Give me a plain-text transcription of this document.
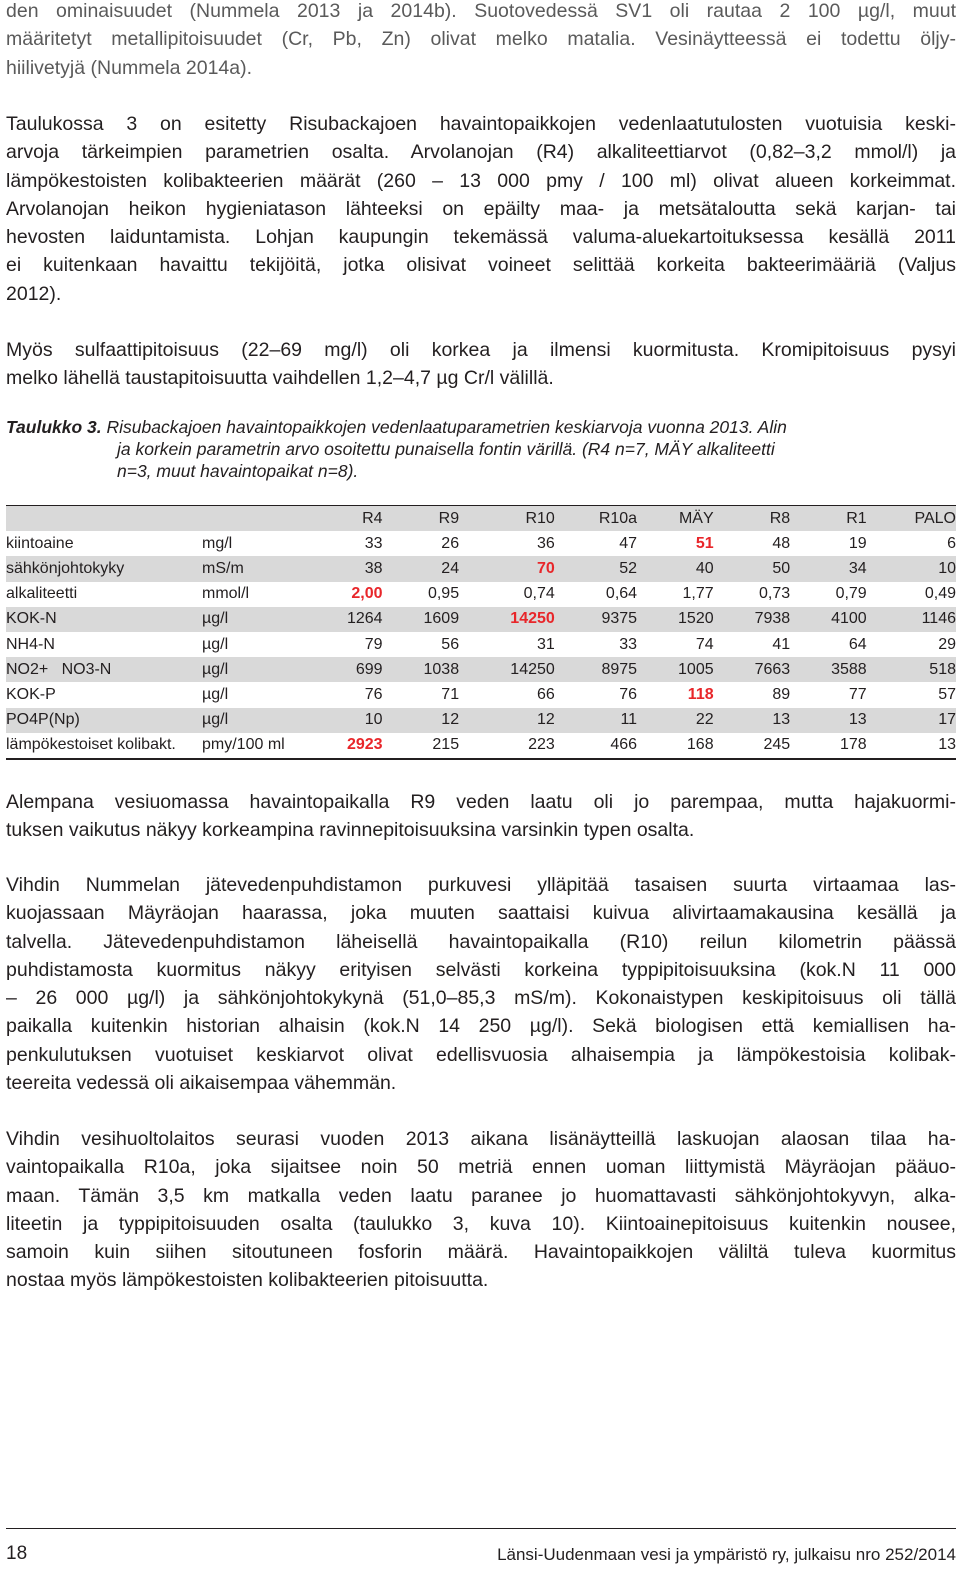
den ominaisuudet (Nummela 2013 ja 2014b). Suotovedessä SV1 oli rautaa 2 100 µg/l, muut
määritetyt metallipitoisuudet (Cr, Pb, Zn) olivat melko matalia. Vesinäytteessä ei todettu öljy-
hiilivetyjä (Nummela 2014a).
Taulukossa 3 on esitetty Risubackajoen havaintopaikkojen vedenlaatutulosten vuotuisia keski-
arvoja tärkeimpien parametrien osalta. Arvolanojan (R4) alkaliteettiarvot (0,82–3,2 mmol/l) ja
lämpökestoisten kolibakteerien määrät (260 – 13 000 pmy / 100 ml) olivat alueen korkeimmat.
Arvolanojan heikon hygieniatason lähteeksi on epäilty maa- ja metsätaloutta sekä karjan- tai
hevosten laiduntamista. Lohjan kaupungin tekemässä valuma-aluekartoituksessa kesällä 2011
ei kuitenkaan havaittu tekijöitä, jotka olisivat voineet selittää korkeita bakteerimääriä (Valjus
2012).
Myös sulfaattipitoisuus (22–69 mg/l) oli korkea ja ilmensi kuormitusta. Kromipitoisuus pysyi
melko lähellä taustapitoisuutta vaihdellen 1,2–4,7 µg Cr/l välillä.
Taulukko 3. Risubackajoen havaintopaikkojen vedenlaatuparametrien keskiarvoja vuonna 2013. Alin
ja korkein parametrin arvo osoitettu punaisella fontin värillä. (R4 n=7, MÄY alkaliteetti
n=3, muut havaintopaikat n=8).
		R4	R9	R10	R10a	MÄY	R8	R1	PALO
kiintoaine	mg/l	33	26	36	47	51	48	19	6
sähkönjohtokyky	mS/m	38	24	70	52	40	50	34	10
alkaliteetti	mmol/l	2,00	0,95	0,74	0,64	1,77	0,73	0,79	0,49
KOK-N	µg/l	1264	1609	14250	9375	1520	7938	4100	1146
NH4-N	µg/l	79	56	31	33	74	41	64	29
NO2+   NO3-N	µg/l	699	1038	14250	8975	1005	7663	3588	518
KOK-P	µg/l	76	71	66	76	118	89	77	57
PO4P(Np)	µg/l	10	12	12	11	22	13	13	17
lämpökestoiset kolibakt.	pmy/100 ml	2923	215	223	466	168	245	178	13
Alempana vesiuomassa havaintopaikalla R9 veden laatu oli jo parempaa, mutta hajakuormi-
tuksen vaikutus näkyy korkeampina ravinnepitoisuuksina varsinkin typen osalta.
Vihdin Nummelan jätevedenpuhdistamon purkuvesi ylläpitää tasaisen suurta virtaamaa las-
kuojassaan Mäyräojan haarassa, joka muuten saattaisi kuivua alivirtaamakausina kesällä ja
talvella. Jätevedenpuhdistamon läheisellä havaintopaikalla (R10) reilun kilometrin päässä
puhdistamosta kuormitus näkyy erityisen selvästi korkeina typpipitoisuuksina (kok.N 11 000
– 26 000 µg/l) ja sähkönjohtokykynä (51,0–85,3 mS/m). Kokonaistypen keskipitoisuus oli tällä
paikalla kuitenkin historian alhaisin (kok.N 14 250 µg/l). Sekä biologisen että kemiallisen ha-
penkulutuksen vuotuiset keskiarvot olivat edellisvuosia alhaisempia ja lämpökestoisia kolibak-
teereita vedessä oli aikaisempaa vähemmän.
Vihdin vesihuoltolaitos seurasi vuoden 2013 aikana lisänäytteillä laskuojan alaosan tilaa ha-
vaintopaikalla R10a, joka sijaitsee noin 50 metriä ennen uoman liittymistä Mäyräojan pääuo-
maan. Tämän 3,5 km matkalla veden laatu paranee jo huomattavasti sähkönjohtokyvyn, alka-
liteetin ja typpipitoisuuden osalta (taulukko 3, kuva 10). Kiintoainepitoisuus kuitenkin nousee,
samoin kuin siihen sitoutuneen fosforin määrä. Havaintopaikkojen väliltä tuleva kuormitus
nostaa myös lämpökestoisten kolibakteerien pitoisuutta.
18	Länsi-Uudenmaan vesi ja ympäristö ry, julkaisu nro 252/2014
